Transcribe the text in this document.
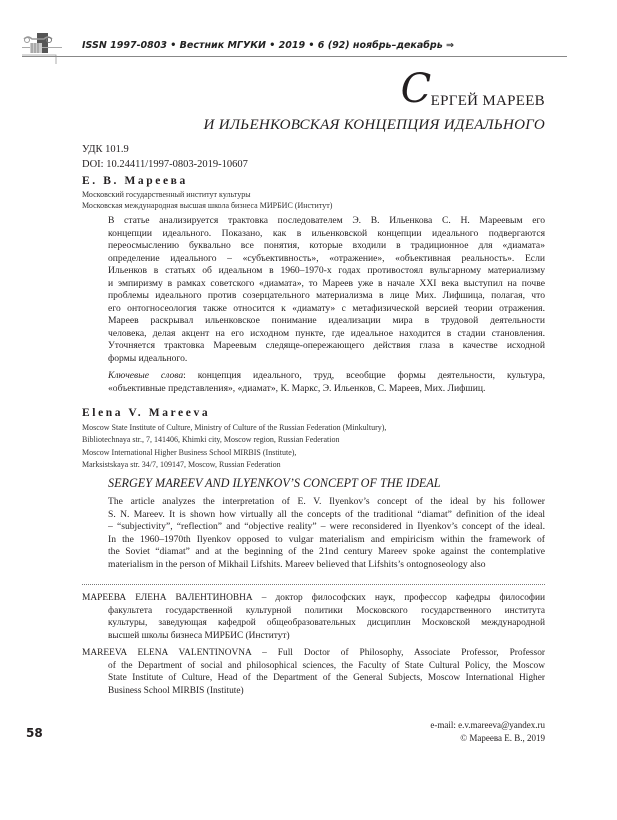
ISSN 1997-0803 • Вестник МГУКИ • 2019 • 6 (92) ноябрь–декабрь ⇒
С ЕРГЕЙ МАРЕЕВ
И ИЛЬЕНКОВСКАЯ КОНЦЕПЦИЯ ИДЕАЛЬНОГО
УДК 101.9
DOI: 10.24411/1997-0803-2019-10607
Е. В. Мареева
Московский государственный институт культуры
Московская международная высшая школа бизнеса МИРБИС (Институт)
В статье анализируется трактовка последователем Э. В. Ильенкова С. Н. Мареевым его
концепции идеального. Показано, как в ильенковской концепции идеального подвергаются
переосмыслению буквально все понятия, которые входили в традиционное для «диамата»
определение идеального – «субъективность», «отражение», «объективная реальность». Если
Ильенков в статьях об идеальном в 1960–1970-х годах противостоял вульгарному материализму
и эмпиризму в рамках советского «диамата», то Мареев уже в начале XXI века выступил на почве
проблемы идеального против созерцательного материализма в лице Мих. Лифшица, полагая, что
его онтогносеология также относится к «диамату» с метафизической версией теории отражения.
Мареев раскрывал ильенковское понимание идеализации мира в трудовой деятельности
человека, делая акцент на его исходном пункте, где идеальное находится в стадии становления.
Уточняется трактовка Мареевым следяще-опережающего действия глаза в качестве исходной
формы идеального.
Ключевые слова: концепция идеального, труд, всеобщие формы деятельности, культура,
«объективные представления», «диамат», К. Маркс, Э. Ильенков, С. Мареев, Мих. Лифшиц.
Elena V. Mareeva
Moscow State Institute of Culture, Ministry of Culture of the Russian Federation (Minkultury),
Bibliotechnaya str., 7, 141406, Khimki city, Moscow region, Russian Federation
Moscow International Higher Business School MIRBIS (Institute),
Marksistskaya str. 34/7, 109147, Moscow, Russian Federation
SERGEY MAREEV AND ILYENKOV’S CONCEPT OF THE IDEAL
The article analyzes the interpretation of E. V. Ilyenkov’s concept of the ideal by his follower
S. N. Mareev. It is shown how virtually all the concepts of the traditional “diamat” definition of the ideal
– “subjectivity”, “reflection” and “objective reality” – were reconsidered in Ilyenkov’s concept of the ideal.
In the 1960–1970th Ilyenkov opposed to vulgar materialism and empiricism within the framework of
the Soviet “diamat” and at the beginning of the 21nd century Mareev spoke against the contemplative
materialism in the person of Mikhail Lifshits. Mareev believed that Lifshits’s ontognoseology also
МАРЕЕВА ЕЛЕНА ВАЛЕНТИНОВНА – доктор философских наук, профессор кафедры философии
факультета государственной культурной политики Московского государственного института
культуры, заведующая кафедрой общеобразовательных дисциплин Московской международной
высшей школы бизнеса МИРБИС (Институт)
MAREEVA ELENA VALENTINOVNA – Full Doctor of Philosophy, Associate Professor, Professor
of the Department of social and philosophical sciences, the Faculty of State Cultural Policy, the Moscow
State Institute of Culture, Head of the Department of the General Subjects, Moscow International Higher
Business School MIRBIS (Institute)
e-mail: e.v.mareeva@yandex.ru
© Мареева Е. В., 2019
58
